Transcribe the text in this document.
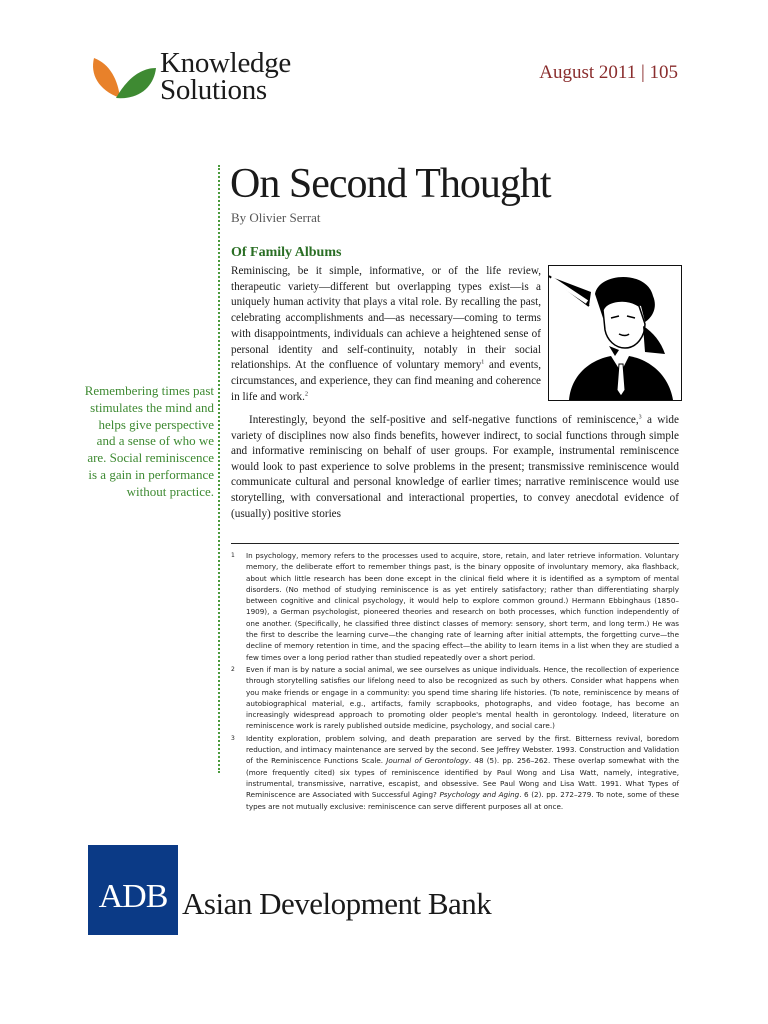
Knowledge
Solutions
August 2011 | 105
On Second Thought
By Olivier Serrat
Of Family Albums

Reminiscing, be it simple, informative, or of the life review, therapeutic variety—different but overlapping types exist—is a uniquely human activity that plays a vital role. By recalling the past, celebrating accomplishments and—as necessary—coming to terms with disappointments, individuals can achieve a heightened sense of personal identity and self-continuity, notably in their social relationships. At the confluence of voluntary memory$^1$ and events, circumstances, and experience, they can find meaning and coherence in life and work.$^2$

Remembering times past stimulates the mind and helps give perspective and a sense of who we are. Social reminiscence is a gain in performance without practice.

Interestingly, beyond the self-positive and self-negative functions of reminiscence,$^3$ a wide variety of disciplines now also finds benefits, however indirect, to social functions through simple and informative reminiscing on behalf of user groups. For example, instrumental reminiscence would look to past experience to solve problems in the present; transmissive reminiscence would communicate cultural and personal knowledge of earlier times; narrative reminiscence would use storytelling, with conversational and interactional properties, to convey anecdotal evidence of (usually) positive stories

1	In psychology, memory refers to the processes used to acquire, store, retain, and later retrieve information. Voluntary memory, the deliberate effort to remember things past, is the binary opposite of involuntary memory, aka flashback, about which little research has been done except in the clinical field where it is identified as a symptom of mental disorders. (No method of studying reminiscence is as yet entirely satisfactory; rather than differentiating sharply between cognitive and clinical psychology, it would help to explore common ground.) Hermann Ebbinghaus (1850–1909), a German psychologist, pioneered theories and research on both processes, which function independently of one another. (Specifically, he classified three distinct classes of memory: sensory, short term, and long term.) He was the first to describe the learning curve—the changing rate of learning after initial attempts, the forgetting curve—the decline of memory retention in time, and the spacing effect—the ability to learn items in a list when they are studied a few times over a long period rather than studied repeatedly over a short period.
2	Even if man is by nature a social animal, we see ourselves as unique individuals. Hence, the recollection of experience through storytelling satisfies our lifelong need to also be recognized as such by others. Consider what happens when you make friends or engage in a community: you spend time sharing life histories. (To note, reminiscence by means of autobiographical material, e.g., artifacts, family scrapbooks, photographs, and video footage, has become an increasingly widespread approach to promoting older people's mental health in gerontology. Indeed, literature on reminiscence work is rarely published outside medicine, psychology, and social care.)
3	Identity exploration, problem solving, and death preparation are served by the first. Bitterness revival, boredom reduction, and intimacy maintenance are served by the second. See Jeffrey Webster. 1993. Construction and Validation of the Reminiscence Functions Scale. Journal of Gerontology. 48 (5). pp. 256–262. These overlap somewhat with the (more frequently cited) six types of reminiscence identified by Paul Wong and Lisa Watt, namely, integrative, instrumental, transmissive, narrative, escapist, and obsessive. See Paul Wong and Lisa Watt. 1991. What Types of Reminiscence are Associated with Successful Aging? Psychology and Aging. 6 (2). pp. 272–279. To note, some of these types are not mutually exclusive: reminiscence can serve different purposes all at once.
ADB Asian Development Bank
